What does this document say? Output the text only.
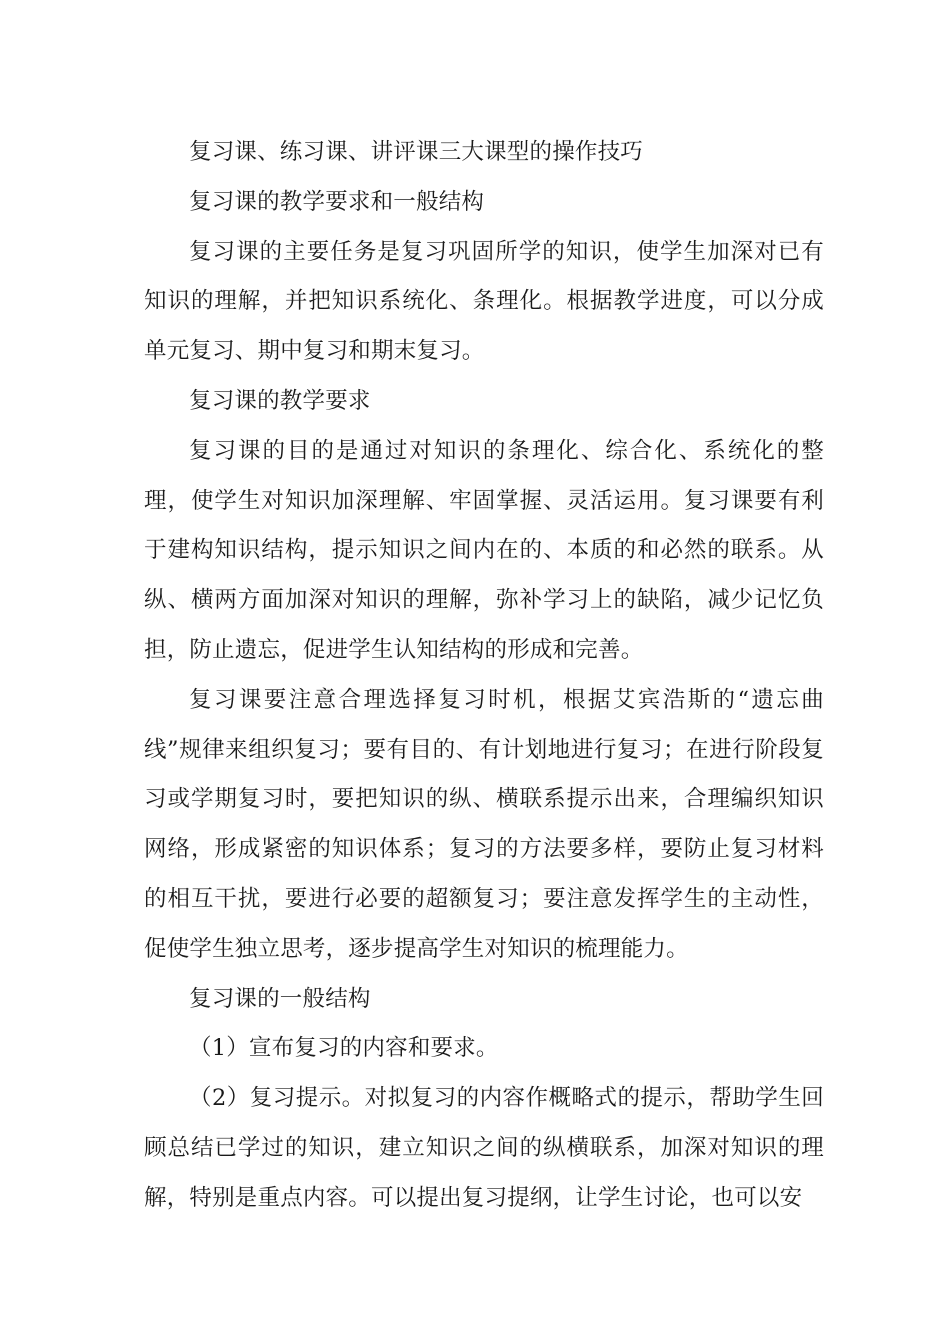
复习课、练习课、讲评课三大课型的操作技巧

复习课的教学要求和一般结构

复习课的主要任务是复习巩固所学的知识，使学生加深对已有知识的理解，并把知识系统化、条理化。根据教学进度，可以分成单元复习、期中复习和期末复习。

复习课的教学要求

复习课的目的是通过对知识的条理化、综合化、系统化的整理，使学生对知识加深理解、牢固掌握、灵活运用。复习课要有利于建构知识结构，提示知识之间内在的、本质的和必然的联系。从纵、横两方面加深对知识的理解，弥补学习上的缺陷，减少记忆负担，防止遗忘，促进学生认知结构的形成和完善。

复习课要注意合理选择复习时机，根据艾宾浩斯的“遗忘曲线”规律来组织复习；要有目的、有计划地进行复习；在进行阶段复习或学期复习时，要把知识的纵、横联系提示出来，合理编织知识网络，形成紧密的知识体系；复习的方法要多样，要防止复习材料的相互干扰，要进行必要的超额复习；要注意发挥学生的主动性，促使学生独立思考，逐步提高学生对知识的梳理能力。

复习课的一般结构

（1）宣布复习的内容和要求。

（2）复习提示。对拟复习的内容作概略式的提示，帮助学生回顾总结已学过的知识，建立知识之间的纵横联系，加深对知识的理解，特别是重点内容。可以提出复习提纲，让学生讨论，也可以安
